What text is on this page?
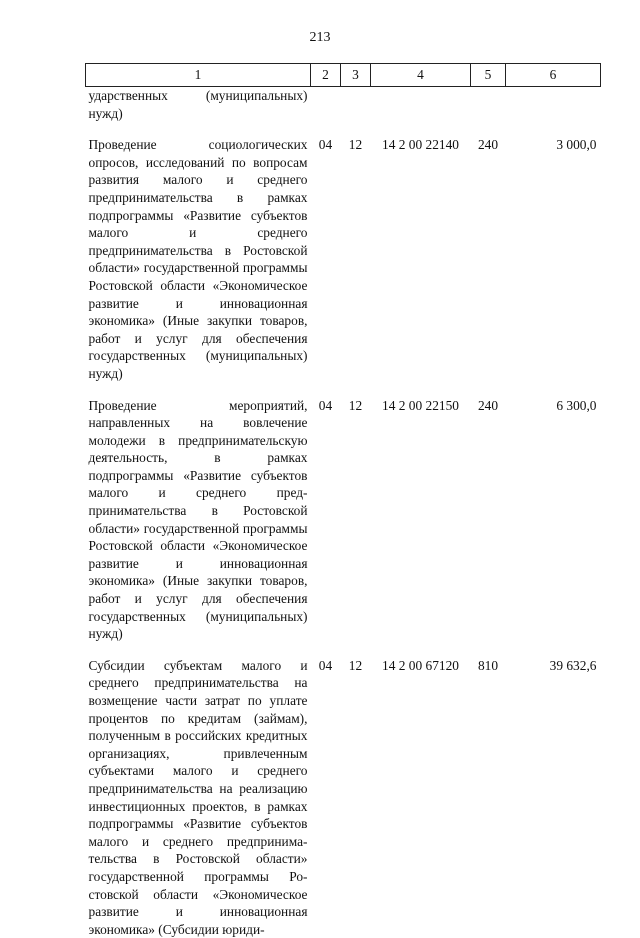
213
1	2	3	4	5	6
ударственных (муниципальных) нужд)					
Проведение социологических опросов, исследований по вопросам развития малого и среднего предпринимательства в рамках подпрограммы «Развитие субъектов малого и среднего предпринимательства в Ростовской области» государственной программы Ростовской области «Экономическое развитие и инновационная экономика» (Иные закупки товаров, работ и услуг для обеспечения государственных (муниципальных) нужд)	04	12	14 2 00 22140	240	3 000,0
Проведение мероприятий, направленных на вовлечение молодежи в предпринимательскую деятельность, в рамках подпрограммы «Развитие субъектов малого и среднего предпринимательства в Ростовской области» государственной программы Ростовской области «Экономическое развитие и инновационная экономика» (Иные закупки товаров, работ и услуг для обеспечения государственных (муниципальных) нужд)	04	12	14 2 00 22150	240	6 300,0
Субсидии субъектам малого и среднего предпринимательства на возмещение части затрат по уплате процентов по кредитам (займам), полученным в российских кредитных организациях, привлеченным субъектами малого и среднего предпринимательства на реализацию инвестиционных проектов, в рамках подпрограммы «Развитие субъектов малого и среднего предпринимательства в Ростовской области» государственной программы Ростовской области «Экономическое развитие и инновационная экономика» (Субсидии юриди-	04	12	14 2 00 67120	810	39 632,6
